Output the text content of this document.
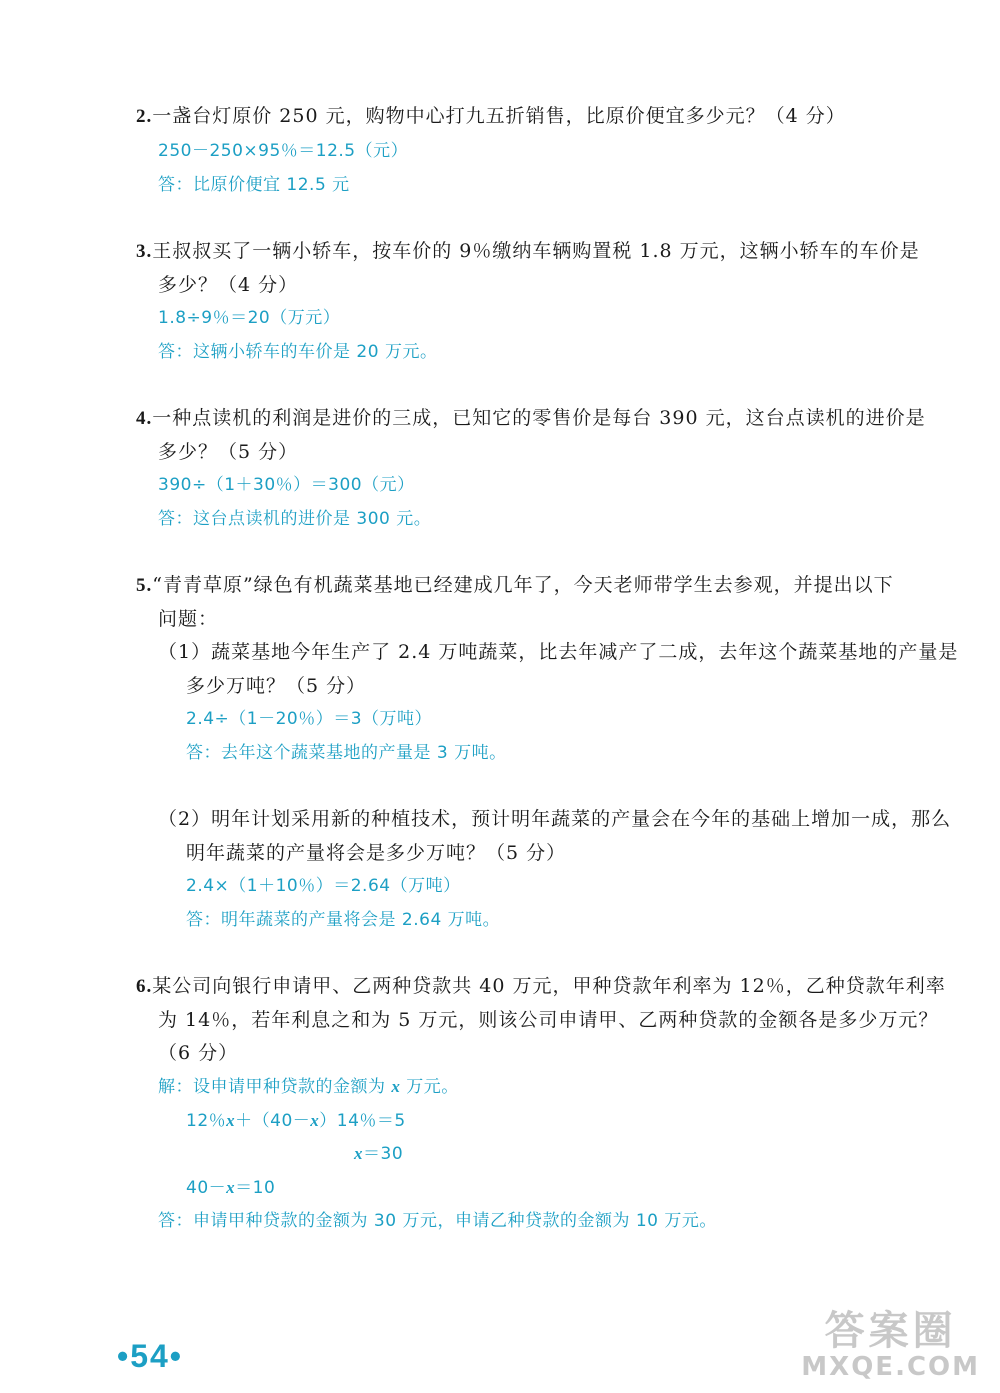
2.一盏台灯原价 250 元，购物中心打九五折销售，比原价便宜多少元？（4 分）
250－250×95％＝12.5（元）
答：比原价便宜 12.5 元
3.王叔叔买了一辆小轿车，按车价的 9％缴纳车辆购置税 1.8 万元，这辆小轿车的车价是
多少？（4 分）
1.8÷9％＝20（万元）
答：这辆小轿车的车价是 20 万元。
4.一种点读机的利润是进价的三成，已知它的零售价是每台 390 元，这台点读机的进价是
多少？（5 分）
390÷（1＋30％）＝300（元）
答：这台点读机的进价是 300 元。
5.“青青草原”绿色有机蔬菜基地已经建成几年了，今天老师带学生去参观，并提出以下
问题：
（1）蔬菜基地今年生产了 2.4 万吨蔬菜，比去年减产了二成，去年这个蔬菜基地的产量是
多少万吨？（5 分）
2.4÷（1－20％）＝3（万吨）
答：去年这个蔬菜基地的产量是 3 万吨。
（2）明年计划采用新的种植技术，预计明年蔬菜的产量会在今年的基础上增加一成，那么
明年蔬菜的产量将会是多少万吨？（5 分）
2.4×（1＋10％）＝2.64（万吨）
答：明年蔬菜的产量将会是 2.64 万吨。
6.某公司向银行申请甲、乙两种贷款共 40 万元，甲种贷款年利率为 12％，乙种贷款年利率
为 14％，若年利息之和为 5 万元，则该公司申请甲、乙两种贷款的金额各是多少万元？
（6 分）
解：设申请甲种贷款的金额为 x 万元。
12％x＋（40－x）14％＝5
x＝30
40－x＝10
答：申请甲种贷款的金额为 30 万元，申请乙种贷款的金额为 10 万元。
•54•
答案圈
MXQE.COM
